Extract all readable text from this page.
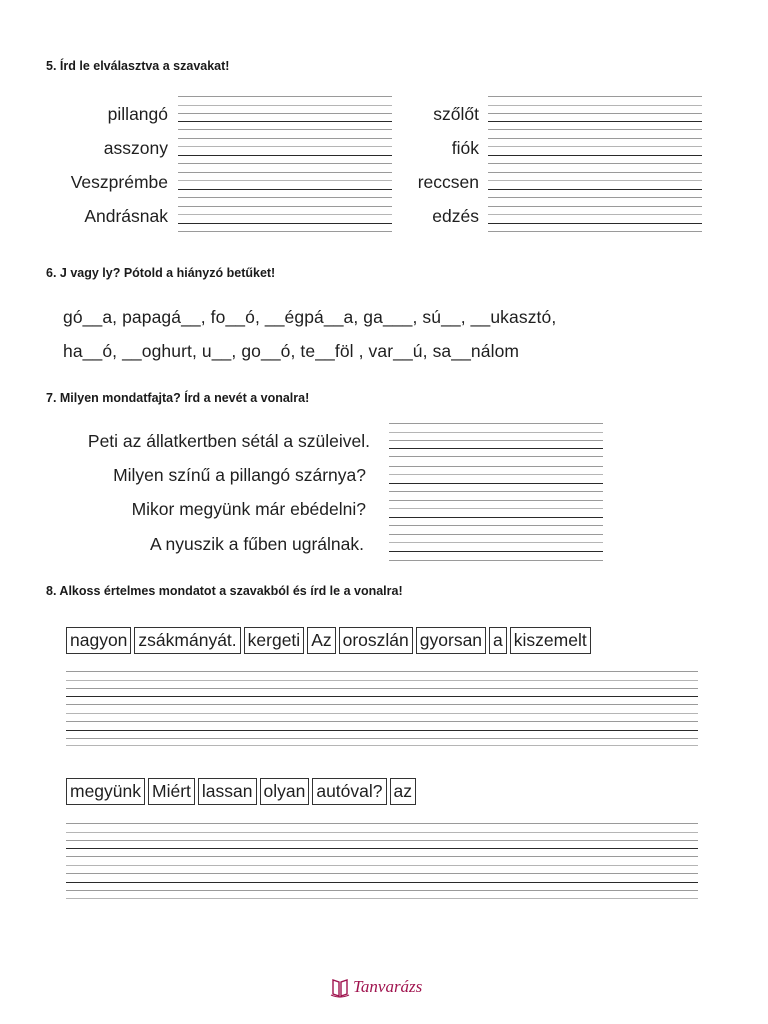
5. Írd le elválasztva a szavakat!
pillangó
asszony
Veszprémbe
Andrásnak
szőlőt
fiók
reccsen
edzés
6. J vagy ly? Pótold a hiányzó betűket!
gó__a, papagá__, fo__ó, __égpá__a, ga___, sú__, __ukasztó,
ha__ó, __oghurt, u__, go__ó, te__föl , var__ú, sa__nálom
7. Milyen mondatfajta? Írd a nevét a vonalra!
Peti az állatkertben sétál a szüleivel.
Milyen színű a pillangó szárnya?
Mikor megyünk már ebédelni?
A nyuszik a fűben ugrálnak.
8. Alkoss értelmes mondatot a szavakból és írd le a vonalra!
nagyon zsákmányát. kergeti Az oroszlán gyorsan a kiszemelt
megyünk Miért lassan olyan autóval? az
Tanvarázs
